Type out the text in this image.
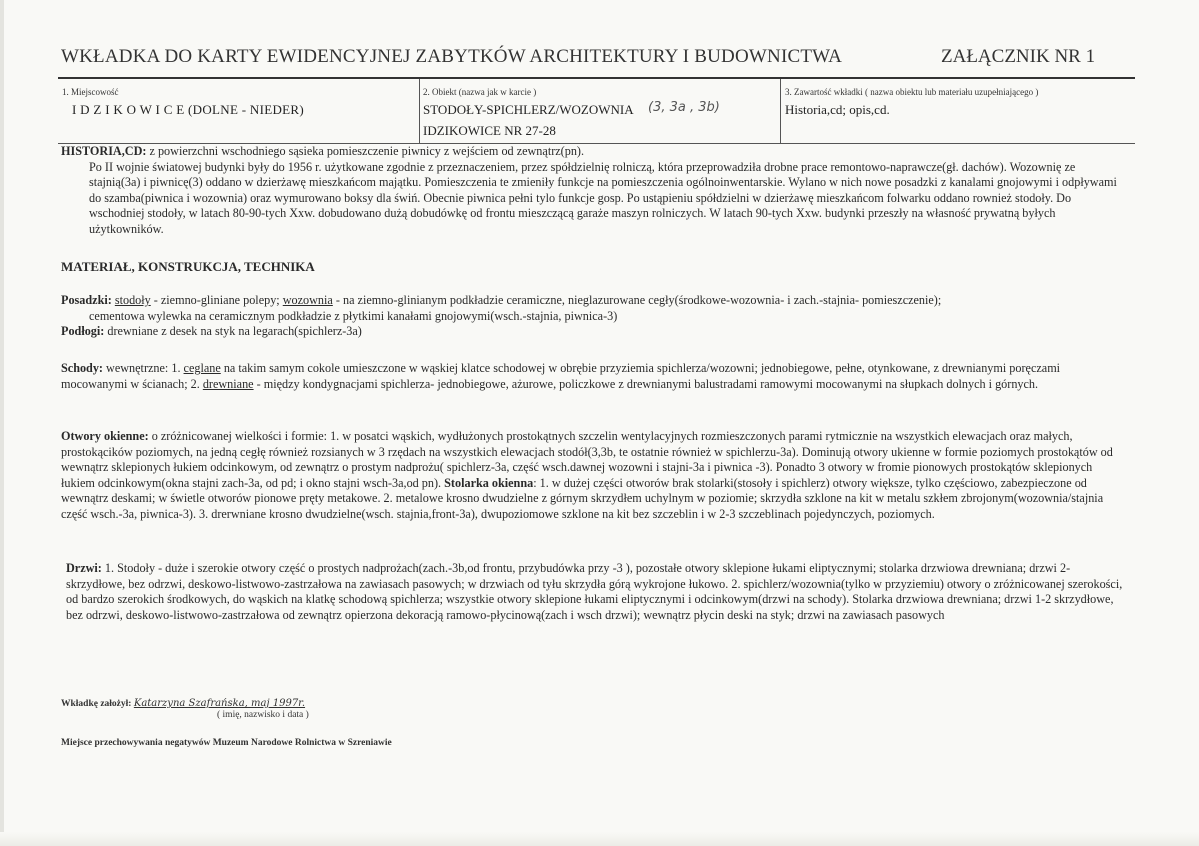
WKŁADKA DO KARTY EWIDENCYJNEJ ZABYTKÓW ARCHITEKTURY I BUDOWNICTWA	ZAŁĄCZNIK NR 1
1. Miejscowość
I D Z I K O W I C E (DOLNE - NIEDER)
2. Obiekt (nazwa jak w karcie )
STODOŁY-SPICHLERZ/WOZOWNIA (3, 3a , 3b)
IDZIKOWICE NR 27-28
3. Zawartość wkładki ( nazwa obiektu lub materiału uzupełniającego )
Historia,cd; opis,cd.
HISTORIA,CD: z powierzchni wschodniego sąsieka pomieszczenie piwnicy z wejściem od zewnątrz(pn).
Po II wojnie światowej budynki były do 1956 r. użytkowane zgodnie z przeznaczeniem, przez spółdzielnię rolniczą, która przeprowadziła drobne prace remontowo-naprawcze(gł. dachów). Wozownię ze stajnią(3a) i piwnicę(3) oddano w dzierżawę mieszkańcom majątku. Pomieszczenia te zmieniły funkcje na pomieszczenia ogólnoinwentarskie. Wylano w nich nowe posadzki z kanalami gnojowymi i odpływami do szamba(piwnica i wozownia) oraz wymurowano boksy dla świń. Obecnie piwnica pełni tylo funkcje gosp. Po ustąpieniu spółdzielni w dzierżawę mieszkańcom folwarku oddano rownież stodoły. Do wschodniej stodoły, w latach 80-90-tych Xxw. dobudowano dużą dobudówkę od frontu mieszczącą garaże maszyn rolniczych. W latach 90-tych Xxw. budynki przeszły na własność prywatną byłych użytkowników.
MATERIAŁ, KONSTRUKCJA, TECHNIKA
Posadzki: stodoły - ziemno-gliniane polepy; wozownia - na ziemno-glinianym podkładzie ceramiczne, nieglazurowane cegły(środkowe-wozownia- i zach.-stajnia- pomieszczenie);
cementowa wylewka na ceramicznym podkładzie z płytkimi kanałami gnojowymi(wsch.-stajnia, piwnica-3)
Podłogi: drewniane z desek na styk na legarach(spichlerz-3a)
Schody: wewnętrzne: 1. ceglane na takim samym cokole umieszczone w wąskiej klatce schodowej w obrębie przyziemia spichlerza/wozowni; jednobiegowe, pełne, otynkowane, z drewnianymi poręczami mocowanymi w ścianach; 2. drewniane - między kondygnacjami spichlerza- jednobiegowe, ażurowe, policzkowe z drewnianymi balustradami ramowymi mocowanymi na słupkach dolnych i górnych.
Otwory okienne: o zróżnicowanej wielkości i formie: 1. w posatci wąskich, wydłużonych prostokątnych szczelin wentylacyjnych rozmieszczonych parami rytmicznie na wszystkich elewacjach oraz małych, prostokącików poziomych, na jedną cegłę również rozsianych w 3 rzędach na wszystkich elewacjach stodół(3,3b, te ostatnie również w spichlerzu-3a). Dominują otwory ukienne w formie poziomych prostokątów od wewnątrz sklepionych łukiem odcinkowym, od zewnątrz o prostym nadprożu( spichlerz-3a, część wsch.dawnej wozowni i stajni-3a i piwnica -3). Ponadto 3 otwory w fromie pionowych prostokątów sklepionych łukiem odcinkowym(okna stajni zach-3a, od pd; i okno stajni wsch-3a,od pn). Stolarka okienna: 1. w dużej części otworów brak stolarki(stosoły i spichlerz) otwory większe, tylko częściowo, zabezpieczone od wewnątrz deskami; w świetle otworów pionowe pręty metakowe. 2. metalowe krosno dwudzielne z górnym skrzydłem uchylnym w poziomie; skrzydła szklone na kit w metalu szkłem zbrojonym(wozownia/stajnia część wsch.-3a, piwnica-3). 3. drerwniane krosno dwudzielne(wsch. stajnia,front-3a), dwupoziomowe szklone na kit bez szczeblin i w 2-3 szczeblinach pojedynczych, poziomych.
Drzwi: 1. Stodoły - duże i szerokie otwory część o prostych nadprożach(zach.-3b,od frontu, przybudówka przy -3 ), pozostałe otwory sklepione łukami eliptycznymi; stolarka drzwiowa drewniana; drzwi 2-skrzydłowe, bez odrzwi, deskowo-listwowo-zastrzałowa na zawiasach pasowych; w drzwiach od tyłu skrzydła górą wykrojone łukowo. 2. spichlerz/wozownia(tylko w przyziemiu) otwory o zróżnicowanej szerokości, od bardzo szerokich środkowych, do wąskich na klatkę schodową spichlerza; wszystkie otwory sklepione łukami eliptycznymi i odcinkowym(drzwi na schody). Stolarka drzwiowa drewniana; drzwi 1-2 skrzydłowe, bez odrzwi, deskowo-listwowo-zastrzałowa od zewnątrz opierzona dekoracją ramowo-płycinową(zach i wsch drzwi); wewnątrz płycin deski na styk; drzwi na zawiasach pasowych
Wkładkę założył: Katarzyna Szafrańska, maj 1997r.
( imię, nazwisko i data )
Miejsce przechowywania negatywów Muzeum Narodowe Rolnictwa w Szreniawie
